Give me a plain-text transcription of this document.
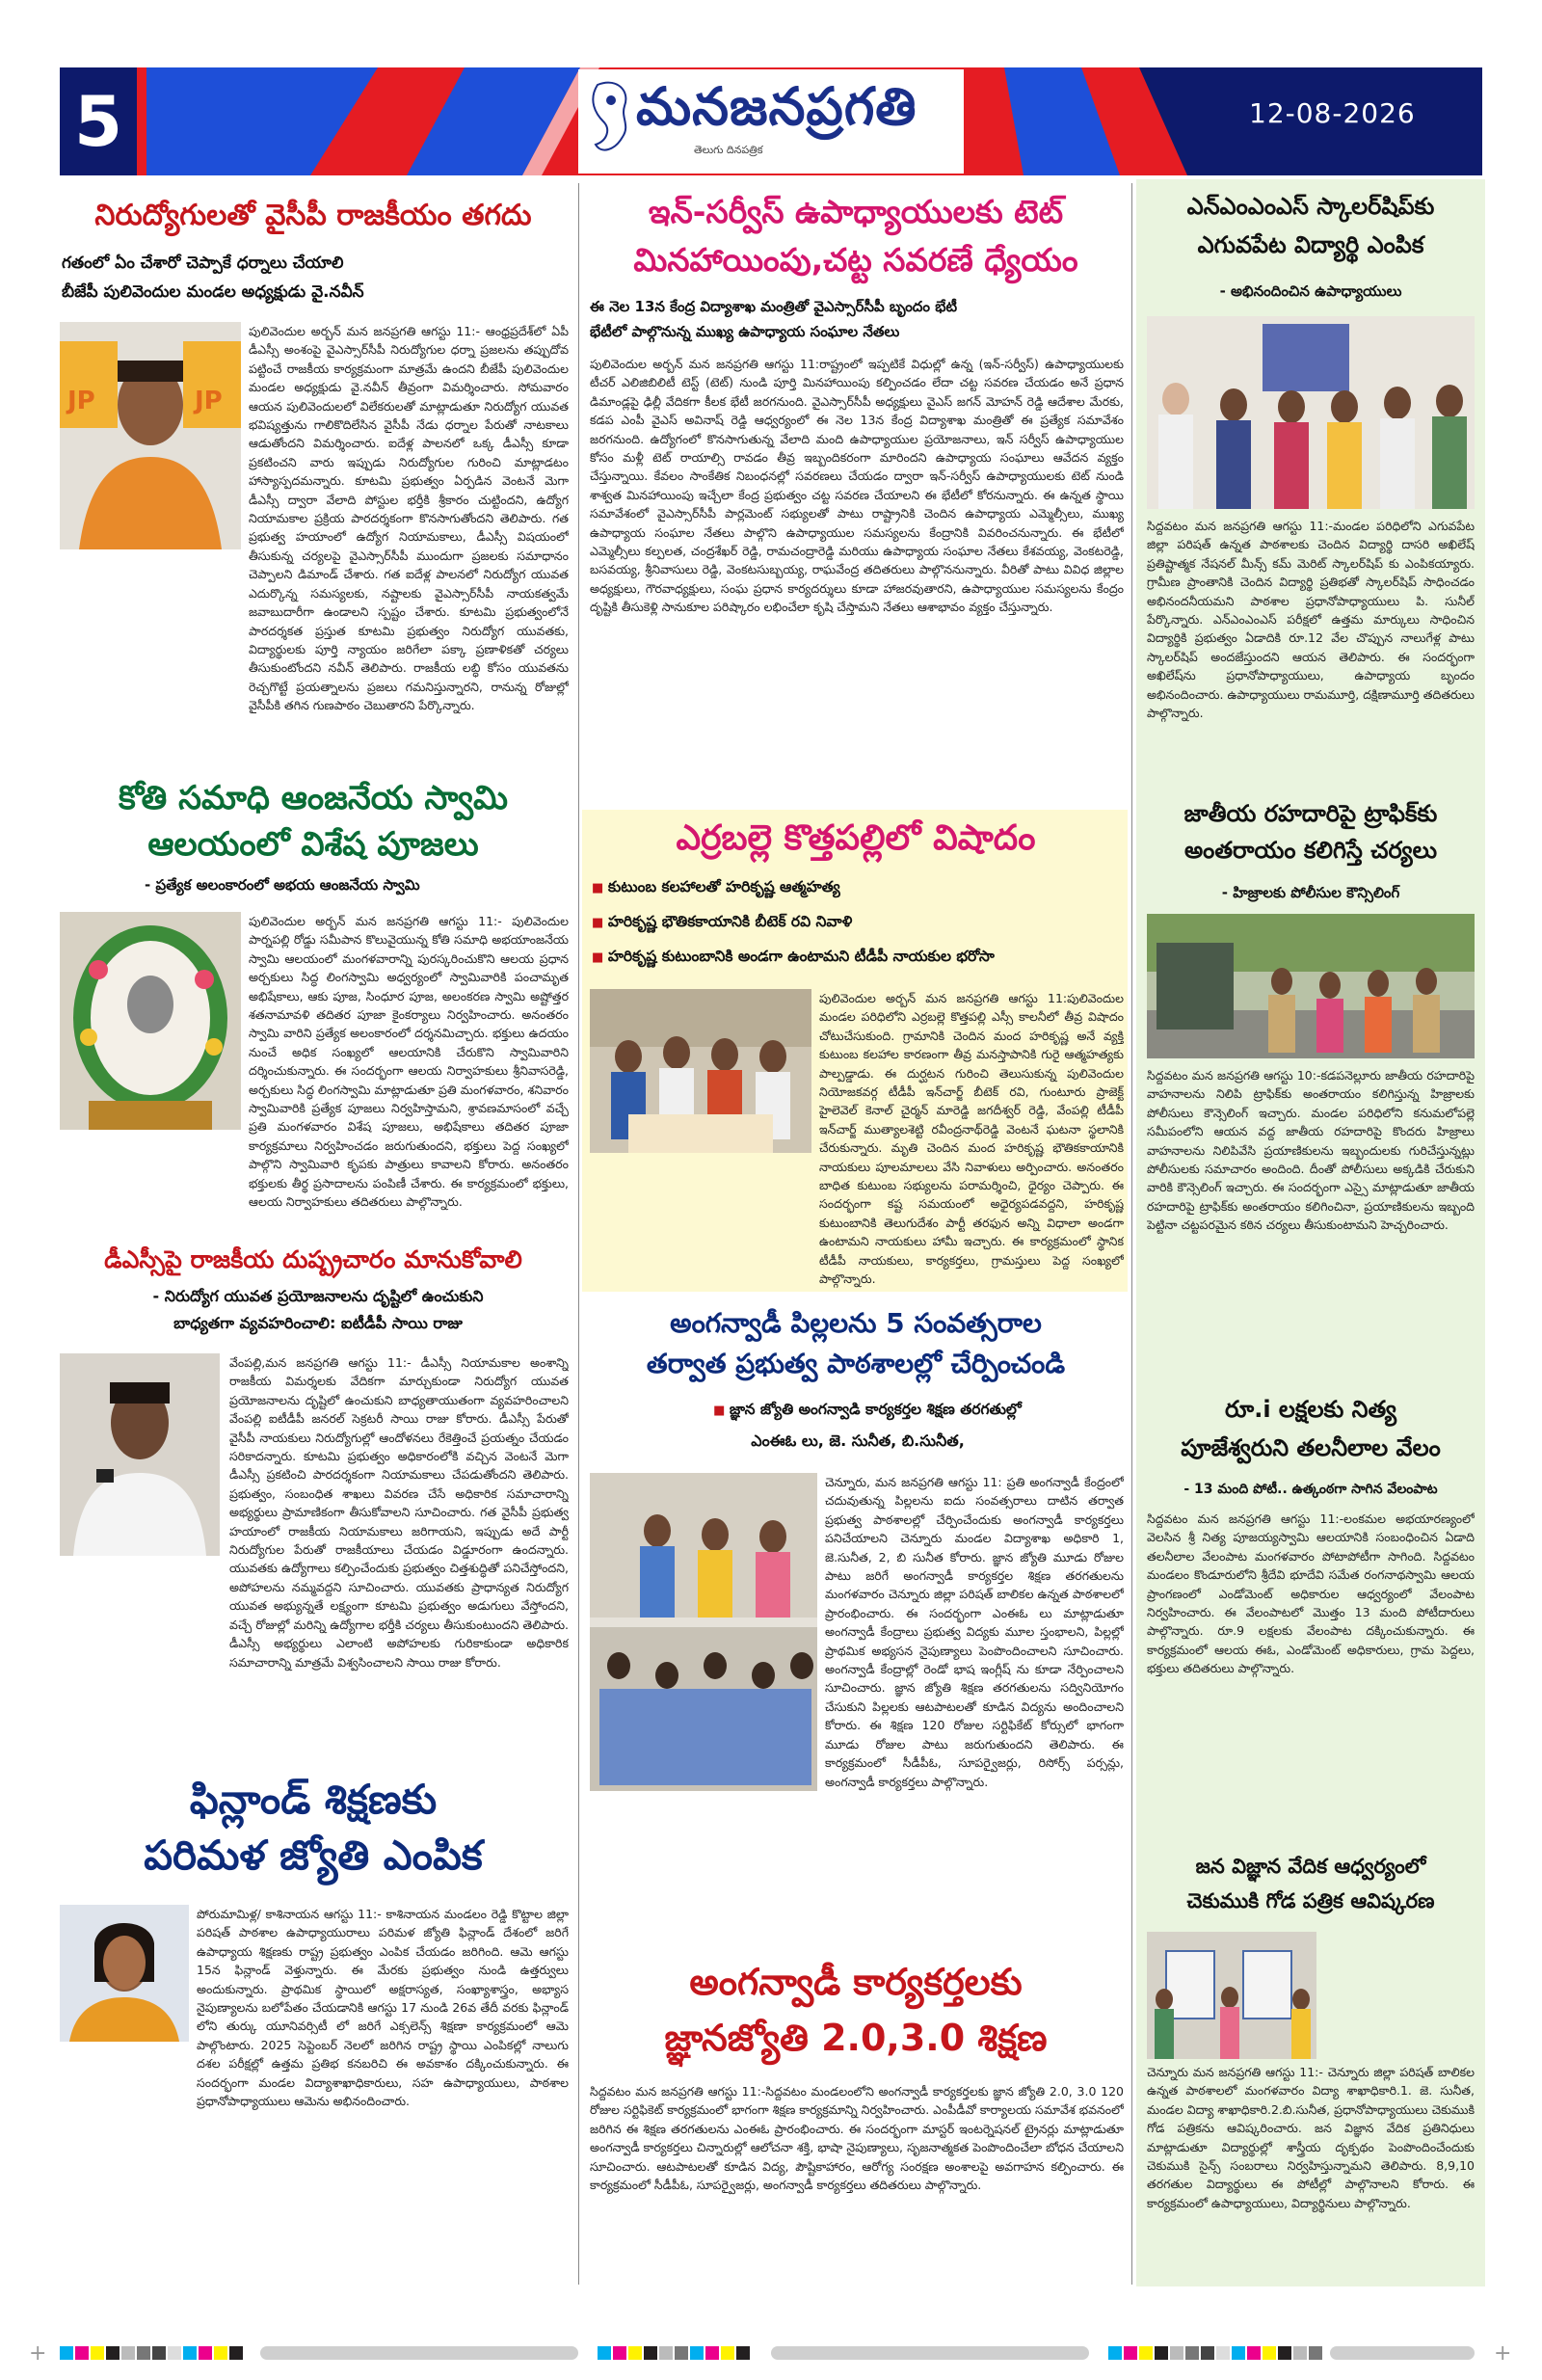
5	మనజనప్రగతి
తెలుగు దినపత్రిక
12-08-2026
నిరుద్యోగులతో వైసీపీ రాజకీయం తగదు
గతంలో ఏం చేశారో చెప్పాకే ధర్నాలు చేయాలి
బీజేపీ పులివెందుల మండల అధ్యక్షుడు వై.నవీన్
JP	JP
పులివెందుల అర్బన్ మన జనప్రగతి ఆగస్టు 11:- ఆంధ్రప్రదేశ్‌లో ఏపీ డీఎస్సీ అంశంపై వైఎస్సార్‌సీపీ నిరుద్యోగుల ధర్నా ప్రజలను తప్పుదోవ పట్టించే రాజకీయ కార్యక్రమంగా మాత్రమే ఉందని బీజేపీ పులివెందుల మండల అధ్యక్షుడు వై.నవీన్ తీవ్రంగా విమర్శించారు. సోమవారం ఆయన పులివెందులలో విలేకరులతో మాట్లాడుతూ నిరుద్యోగ యువత భవిష్యత్తును గాలికొదిలేసిన వైసీపీ నేడు ధర్నాల పేరుతో నాటకాలు ఆడుతోందని విమర్శించారు. ఐదేళ్ల పాలనలో ఒక్క డీఎస్సీ కూడా ప్రకటించని వారు ఇప్పుడు నిరుద్యోగుల గురించి మాట్లాడటం హాస్యాస్పదమన్నారు. కూటమి ప్రభుత్వం ఏర్పడిన వెంటనే మెగా డీఎస్సీ ద్వారా వేలాది పోస్టుల భర్తీకి శ్రీకారం చుట్టిందని, ఉద్యోగ నియామకాల ప్రక్రియ పారదర్శకంగా కొనసాగుతోందని తెలిపారు. గత ప్రభుత్వ హయాంలో ఉద్యోగ నియామకాలు, డీఎస్సీ విషయంలో తీసుకున్న చర్యలపై వైఎస్సార్‌సీపీ ముందుగా ప్రజలకు సమాధానం చెప్పాలని డిమాండ్ చేశారు. గత ఐదేళ్ల పాలనలో నిరుద్యోగ యువత ఎదుర్కొన్న సమస్యలకు, నష్టాలకు వైఎస్సార్‌సీపీ నాయకత్వమే జవాబుదారీగా ఉండాలని స్పష్టం చేశారు. కూటమి ప్రభుత్వంలోనే పారదర్శకత ప్రస్తుత కూటమి ప్రభుత్వం నిరుద్యోగ యువతకు, విద్యార్థులకు పూర్తి న్యాయం జరిగేలా పక్కా ప్రణాళికతో చర్యలు తీసుకుంటోందని నవీన్ తెలిపారు. రాజకీయ లబ్ధి కోసం యువతను రెచ్చగొట్టే ప్రయత్నాలను ప్రజలు గమనిస్తున్నారని, రానున్న రోజుల్లో వైసీపీకి తగిన గుణపాఠం చెబుతారని పేర్కొన్నారు.
కోతి సమాధి ఆంజనేయ స్వామి
ఆలయంలో విశేష పూజలు
- ప్రత్యేక అలంకారంలో అభయ ఆంజనేయ స్వామి
పులివెందుల అర్బన్ మన జనప్రగతి ఆగస్టు 11:- పులివెందుల పార్నపల్లి రోడ్డు సమీపాన కొలువైయున్న కోతి సమాధి అభయాంజనేయ స్వామి ఆలయంలో మంగళవారాన్ని పురస్కరించుకొని ఆలయ ప్రధాన అర్చకులు సిద్ధ లింగస్వామి అధ్వర్యంలో స్వామివారికి పంచామృత అభిషేకాలు, ఆకు పూజ, సింధూర పూజ, అలంకరణ స్వామి అష్టోత్తర శతనామావళి తదితర పూజా కైంకర్యాలు నిర్వహించారు. అనంతరం స్వామి వారిని ప్రత్యేక అలంకారంలో దర్శనమిచ్చారు. భక్తులు ఉదయం నుంచే అధిక సంఖ్యలో ఆలయానికి చేరుకొని స్వామివారిని దర్శించుకున్నారు. ఈ సందర్భంగా ఆలయ నిర్వాహకులు శ్రీనివాసరెడ్డి, అర్చకులు సిద్ధ లింగస్వామి మాట్లాడుతూ ప్రతి మంగళవారం, శనివారం స్వామివారికి ప్రత్యేక పూజలు నిర్వహిస్తామని, శ్రావణమాసంలో వచ్చే ప్రతి మంగళవారం విశేష పూజలు, అభిషేకాలు తదితర పూజా కార్యక్రమాలు నిర్వహించడం జరుగుతుందని, భక్తులు పెద్ద సంఖ్యలో పాల్గొని స్వామివారి కృపకు పాత్రులు కావాలని కోరారు. అనంతరం భక్తులకు తీర్థ ప్రసాదాలను పంపిణీ చేశారు. ఈ కార్యక్రమంలో భక్తులు, ఆలయ నిర్వాహకులు తదితరులు పాల్గొన్నారు.
డీఎస్సీపై రాజకీయ దుష్ప్రచారం మానుకోవాలి
- నిరుద్యోగ యువత ప్రయోజనాలను దృష్టిలో ఉంచుకుని
బాధ్యతగా వ్యవహరించాలి: ఐటీడీపీ సాయి రాజు
వేంపల్లి,మన జనప్రగతి ఆగస్టు 11:- డీఎస్సీ నియామకాల అంశాన్ని రాజకీయ విమర్శలకు వేదికగా మార్చుకుండా నిరుద్యోగ యువత ప్రయోజనాలను దృష్టిలో ఉంచుకుని బాధ్యతాయుతంగా వ్యవహరించాలని వేంపల్లి ఐటీడీపీ జనరల్ సెక్రటరీ సాయి రాజు కోరారు. డీఎస్సీ పేరుతో వైసీపీ నాయకులు నిరుద్యోగుల్లో ఆందోళనలు రేకెత్తించే ప్రయత్నం చేయడం సరికాదన్నారు. కూటమి ప్రభుత్వం అధికారంలోకి వచ్చిన వెంటనే మెగా డీఎస్సీ ప్రకటించి పారదర్శకంగా నియామకాలు చేపడుతోందని తెలిపారు. ప్రభుత్వం, సంబంధిత శాఖలు వివరణ చేసే అధికారిక సమాచారాన్ని అభ్యర్థులు ప్రామాణికంగా తీసుకోవాలని సూచించారు. గత వైసీపీ ప్రభుత్వ హయాంలో రాజకీయ నియామకాలు జరిగాయని, ఇప్పుడు అదే పార్టీ నిరుద్యోగుల పేరుతో రాజకీయాలు చేయడం విడ్డూరంగా ఉందన్నారు. యువతకు ఉద్యోగాలు కల్పించేందుకు ప్రభుత్వం చిత్తశుద్ధితో పనిచేస్తోందని, అపోహలను నమ్మవద్దని సూచించారు. యువతకు ప్రాధాన్యత నిరుద్యోగ యువత అభ్యున్నతే లక్ష్యంగా కూటమి ప్రభుత్వం అడుగులు వేస్తోందని, వచ్చే రోజుల్లో మరిన్ని ఉద్యోగాల భర్తీకి చర్యలు తీసుకుంటుందని తెలిపారు. డీఎస్సీ అభ్యర్థులు ఎలాంటి అపోహలకు గురికాకుండా అధికారిక సమాచారాన్ని మాత్రమే విశ్వసించాలని సాయి రాజు కోరారు.
ఫిన్లాండ్ శిక్షణకు
పరిమళ జ్యోతి ఎంపిక
పోరుమామిళ్ల/ కాశినాయన ఆగస్టు 11:- కాశినాయన మండలం రెడ్డి కొట్టాల జిల్లా పరిషత్ పాఠశాల ఉపాధ్యాయురాలు పరిమళ జ్యోతి ఫిన్లాండ్ దేశంలో జరిగే ఉపాధ్యాయ శిక్షణకు రాష్ట్ర ప్రభుత్వం ఎంపిక చేయడం జరిగింది. ఆమె ఆగస్టు 15న ఫిన్లాండ్ వెళ్తున్నారు. ఈ మేరకు ప్రభుత్వం నుండి ఉత్తర్వులు అందుకున్నారు. ప్రాథమిక స్థాయిలో అక్షరాస్యత, సంఖ్యాశాస్త్రం, అభ్యాస నైపుణ్యాలను బలోపేతం చేయడానికి ఆగస్టు 17 నుండి 26వ తేదీ వరకు ఫిన్లాండ్ లోని తుర్కు యూనివర్సిటీ లో జరిగే ఎక్సలెన్స్ శిక్షణా కార్యక్రమంలో ఆమె పాల్గొంటారు. 2025 సెప్టెంబర్ నెలలో జరిగిన రాష్ట్ర స్థాయి ఎంపికల్లో నాలుగు దశల పరీక్షల్లో ఉత్తమ ప్రతిభ కనబరిచి ఈ అవకాశం దక్కించుకున్నారు. ఈ సందర్భంగా మండల విద్యాశాఖాధికారులు, సహ ఉపాధ్యాయులు, పాఠశాల ప్రధానోపాధ్యాయులు ఆమెను అభినందించారు.
ఇన్-సర్వీస్ ఉపాధ్యాయులకు టెట్
మినహాయింపు,చట్ట సవరణే ధ్యేయం
ఈ నెల 13న కేంద్ర విద్యాశాఖ మంత్రితో వైఎస్సార్‌సీపీ బృందం భేటీ
భేటీలో పాల్గొనున్న ముఖ్య ఉపాధ్యాయ సంఘాల నేతలు
పులివెందుల అర్బన్ మన జనప్రగతి ఆగస్టు 11:రాష్ట్రంలో ఇప్పటికే విధుల్లో ఉన్న (ఇన్-సర్వీస్) ఉపాధ్యాయులకు టీచర్ ఎలిజిబిలిటీ టెస్ట్ (టెట్) నుండి పూర్తి మినహాయింపు కల్పించడం లేదా చట్ట సవరణ చేయడం అనే ప్రధాన డిమాండ్లపై ఢిల్లీ వేదికగా కీలక భేటీ జరగనుంది. వైఎస్సార్‌సీపీ అధ్యక్షులు వైఎస్ జగన్ మోహన్ రెడ్డి ఆదేశాల మేరకు, కడప ఎంపీ వైఎస్ అవినాష్ రెడ్డి ఆధ్వర్యంలో ఈ నెల 13న కేంద్ర విద్యాశాఖ మంత్రితో ఈ ప్రత్యేక సమావేశం జరగనుంది. ఉద్యోగంలో కొనసాగుతున్న వేలాది మంది ఉపాధ్యాయుల ప్రయోజనాలు, ఇన్ సర్వీస్ ఉపాధ్యాయుల కోసం మళ్లీ టెట్ రాయాల్సి రావడం తీవ్ర ఇబ్బందికరంగా మారిందని ఉపాధ్యాయ సంఘాలు ఆవేదన వ్యక్తం చేస్తున్నాయి. కేవలం సాంకేతిక నిబంధనల్లో సవరణలు చేయడం ద్వారా ఇన్-సర్వీస్ ఉపాధ్యాయులకు టెట్ నుండి శాశ్వత మినహాయింపు ఇచ్చేలా కేంద్ర ప్రభుత్వం చట్ట సవరణ చేయాలని ఈ భేటీలో కోరనున్నారు. ఈ ఉన్నత స్థాయి సమావేశంలో వైఎస్సార్‌సీపీ పార్లమెంట్ సభ్యులతో పాటు రాష్ట్రానికి చెందిన ఉపాధ్యాయ ఎమ్మెల్సీలు, ముఖ్య ఉపాధ్యాయ సంఘాల నేతలు పాల్గొని ఉపాధ్యాయుల సమస్యలను కేంద్రానికి వివరించనున్నారు. ఈ భేటీలో ఎమ్మెల్సీలు కల్పలత, చంద్రశేఖర్ రెడ్డి, రామచంద్రారెడ్డి మరియు ఉపాధ్యాయ సంఘాల నేతలు కేశవయ్య, వెంకటరెడ్డి, బసవయ్య, శ్రీనివాసులు రెడ్డి, వెంకటసుబ్బయ్య, రాఘవేంద్ర తదితరులు పాల్గొననున్నారు. వీరితో పాటు వివిధ జిల్లాల అధ్యక్షులు, గౌరవాధ్యక్షులు, సంఘ ప్రధాన కార్యదర్శులు కూడా హాజరవుతారని, ఉపాధ్యాయుల సమస్యలను కేంద్రం దృష్టికి తీసుకెళ్లి సానుకూల పరిష్కారం లభించేలా కృషి చేస్తామని నేతలు ఆశాభావం వ్యక్తం చేస్తున్నారు.
ఎర్రబల్లె కొత్తపల్లిలో విషాదం
■ కుటుంబ కలహాలతో హరికృష్ణ ఆత్మహత్య
■ హరికృష్ణ భౌతికకాయానికి బీటెక్ రవి నివాళి
■ హరికృష్ణ కుటుంబానికి అండగా ఉంటామని టీడీపీ నాయకుల భరోసా
పులివెందుల అర్బన్ మన జనప్రగతి ఆగస్టు 11:పులివెందుల మండల పరిధిలోని ఎర్రబల్లె కొత్తపల్లి ఎస్సీ కాలనీలో తీవ్ర విషాదం చోటుచేసుకుంది. గ్రామానికి చెందిన మంద హరికృష్ణ అనే వ్యక్తి కుటుంబ కలహాల కారణంగా తీవ్ర మనస్తాపానికి గురై ఆత్మహత్యకు పాల్పడ్డాడు. ఈ దుర్ఘటన గురించి తెలుసుకున్న పులివెందుల నియోజకవర్గ టీడీపీ ఇన్‌చార్జ్ బీటెక్ రవి, గుంటూరు ప్రాజెక్ట్ హైలెవెల్ కెనాల్ చైర్మన్ మారెడ్డి జగదీశ్వర్ రెడ్డి, వేంపల్లి టీడీపీ ఇన్‌చార్జ్ ముత్యాలశెట్టి రవీంద్రనాథ్‌రెడ్డి వెంటనే ఘటనా స్థలానికి చేరుకున్నారు. మృతి చెందిన మంద హరికృష్ణ భౌతికకాయానికి నాయకులు పూలమాలలు వేసి నివాళులు అర్పించారు. అనంతరం బాధిత కుటుంబ సభ్యులను పరామర్శించి, ధైర్యం చెప్పారు. ఈ సందర్భంగా కష్ట సమయంలో అధైర్యపడవద్దని, హరికృష్ణ కుటుంబానికి తెలుగుదేశం పార్టీ తరఫున అన్ని విధాలా అండగా ఉంటామని నాయకులు హామీ ఇచ్చారు. ఈ కార్యక్రమంలో స్థానిక టీడీపీ నాయకులు, కార్యకర్తలు, గ్రామస్తులు పెద్ద సంఖ్యలో పాల్గొన్నారు.
అంగన్వాడీ పిల్లలను 5 సంవత్సరాల
తర్వాత ప్రభుత్వ పాఠశాలల్లో చేర్పించండి
■ జ్ఞాన జ్యోతి అంగన్వాడి కార్యకర్తల శిక్షణ తరగతుల్లో
ఎంఈఓ లు, జె. సునీత, బి.సునీత,
చెన్నూరు, మన జనప్రగతి ఆగస్టు 11: ప్రతి అంగన్వాడీ కేంద్రంలో చదువుతున్న పిల్లలను ఐదు సంవత్సరాలు దాటిన తర్వాత ప్రభుత్వ పాఠశాలల్లో చేర్పించేందుకు అంగన్వాడీ కార్యకర్తలు పనిచేయాలని చెన్నూరు మండల విద్యాశాఖ అధికారి 1, జె.సునీత, 2, బి సునీత కోరారు. జ్ఞాన జ్యోతి మూడు రోజుల పాటు జరిగే అంగన్వాడీ కార్యకర్తల శిక్షణ తరగతులను మంగళవారం చెన్నూరు జిల్లా పరిషత్ బాలికల ఉన్నత పాఠశాలలో ప్రారంభించారు. ఈ సందర్భంగా ఎంఈఓ లు మాట్లాడుతూ అంగన్వాడీ కేంద్రాలు ప్రభుత్వ విద్యకు మూల స్తంభాలని, పిల్లల్లో ప్రాథమిక అభ్యసన నైపుణ్యాలు పెంపొందించాలని సూచించారు. అంగన్వాడీ కేంద్రాల్లో రెండో భాష ఇంగ్లీష్ ను కూడా నేర్పించాలని సూచించారు. జ్ఞాన జ్యోతి శిక్షణ తరగతులను సద్వినియోగం చేసుకుని పిల్లలకు ఆటపాటలతో కూడిన విద్యను అందించాలని కోరారు. ఈ శిక్షణ 120 రోజుల సర్టిఫికేట్ కోర్సులో భాగంగా మూడు రోజుల పాటు జరుగుతుందని తెలిపారు. ఈ కార్యక్రమంలో సీడీపీఓ, సూపర్వైజర్లు, రిసోర్స్ పర్సన్లు, అంగన్వాడీ కార్యకర్తలు పాల్గొన్నారు.
అంగన్వాడీ కార్యకర్తలకు
జ్ఞానజ్యోతి 2.0,3.0 శిక్షణ
సిద్దవటం మన జనప్రగతి ఆగస్టు 11:-సిద్దవటం మండలంలోని అంగన్వాడీ కార్యకర్తలకు జ్ఞాన జ్యోతి 2.0, 3.0 120 రోజుల సర్టిఫికెట్ కార్యక్రమంలో భాగంగా శిక్షణ కార్యక్రమాన్ని నిర్వహించారు. ఎంపీడీవో కార్యాలయ సమావేశ భవనంలో జరిగిన ఈ శిక్షణ తరగతులను ఎంఈఓ ప్రారంభించారు. ఈ సందర్భంగా మాస్టర్ ఇంటర్నెషనల్ ట్రైనర్లు మాట్లాడుతూ అంగన్వాడీ కార్యకర్తలు చిన్నారుల్లో ఆలోచనా శక్తి, భాషా నైపుణ్యాలు, సృజనాత్మకత పెంపొందించేలా బోధన చేయాలని సూచించారు. ఆటపాటలతో కూడిన విద్య, పౌష్టికాహారం, ఆరోగ్య సంరక్షణ అంశాలపై అవగాహన కల్పించారు. ఈ కార్యక్రమంలో సీడీపీఓ, సూపర్వైజర్లు, అంగన్వాడీ కార్యకర్తలు తదితరులు పాల్గొన్నారు.
ఎన్ఎంఎంఎస్ స్కాలర్‌షిప్‌కు
ఎగువపేట విద్యార్థి ఎంపిక
- అభినందించిన ఉపాధ్యాయులు
సిద్దవటం మన జనప్రగతి ఆగస్టు 11:-మండల పరిధిలోని ఎగువపేట జిల్లా పరిషత్ ఉన్నత పాఠశాలకు చెందిన విద్యార్థి దాసరి అఖిలేష్ ప్రతిష్టాత్మక నేషనల్ మీన్స్ కమ్ మెరిట్ స్కాలర్‌షిప్ కు ఎంపికయ్యారు. గ్రామీణ ప్రాంతానికి చెందిన విద్యార్థి ప్రతిభతో స్కాలర్‌షిప్ సాధించడం అభినందనీయమని పాఠశాల ప్రధానోపాధ్యాయులు పి. సునీల్ పేర్కొన్నారు. ఎన్ఎంఎంఎస్ పరీక్షలో ఉత్తమ మార్కులు సాధించిన విద్యార్థికి ప్రభుత్వం ఏడాదికి రూ.12 వేల చొప్పున నాలుగేళ్ల పాటు స్కాలర్‌షిప్ అందజేస్తుందని ఆయన తెలిపారు. ఈ సందర్భంగా అఖిలేష్‌ను ప్రధానోపాధ్యాయులు, ఉపాధ్యాయ బృందం అభినందించారు. ఉపాధ్యాయులు రామమూర్తి, దక్షిణామూర్తి తదితరులు పాల్గొన్నారు.
జాతీయ రహదారిపై ట్రాఫిక్‌కు
అంతరాయం కలిగిస్తే చర్యలు
- హిజ్రాలకు పోలీసుల కౌన్సిలింగ్
సిద్దవటం మన జనప్రగతి ఆగస్టు 10:-కడపనెల్లూరు జాతీయ రహదారిపై వాహనాలను నిలిపి ట్రాఫిక్‌కు అంతరాయం కలిగిస్తున్న హిజ్రాలకు పోలీసులు కౌన్సెలింగ్ ఇచ్చారు. మండల పరిధిలోని కనుమలోపల్లె సమీపంలోని ఆయన వద్ద జాతీయ రహదారిపై కొందరు హిజ్రాలు వాహనాలను నిలిపివేసి ప్రయాణికులను ఇబ్బందులకు గురిచేస్తున్నట్లు పోలీసులకు సమాచారం అందింది. దీంతో పోలీసులు అక్కడికి చేరుకుని వారికి కౌన్సెలింగ్ ఇచ్చారు. ఈ సందర్భంగా ఎస్సై మాట్లాడుతూ జాతీయ రహదారిపై ట్రాఫిక్‌కు అంతరాయం కలిగించినా, ప్రయాణికులను ఇబ్బంది పెట్టినా చట్టపరమైన కఠిన చర్యలు తీసుకుంటామని హెచ్చరించారు.
రూ.i లక్షలకు నిత్య
పూజేశ్వరుని తలనీలాల వేలం
- 13 మంది పోటీ.. ఉత్కంఠగా సాగిన వేలంపాట
సిద్దవటం మన జనప్రగతి ఆగస్టు 11:-లంకమల అభయారణ్యంలో వెలసిన శ్రీ నిత్య పూజయ్యస్వామి ఆలయానికి సంబంధించిన ఏడాది తలనీలాల వేలంపాట మంగళవారం పోటాపోటీగా సాగింది. సిద్దవటం మండలం కొండూరులోని శ్రీదేవి భూదేవి సమేత రంగనాథస్వామి ఆలయ ప్రాంగణంలో ఎండోమెంట్ అధికారుల ఆధ్వర్యంలో వేలంపాట నిర్వహించారు. ఈ వేలంపాటలో మొత్తం 13 మంది పోటీదారులు పాల్గొన్నారు. రూ.9 లక్షలకు వేలంపాట దక్కించుకున్నారు. ఈ కార్యక్రమంలో ఆలయ ఈఓ, ఎండోమెంట్ అధికారులు, గ్రామ పెద్దలు, భక్తులు తదితరులు పాల్గొన్నారు.
జన విజ్ఞాన వేదిక ఆధ్వర్యంలో
చెకుముకి గోడ పత్రిక ఆవిష్కరణ
చెన్నూరు మన జనప్రగతి ఆగస్టు 11:- చెన్నూరు జిల్లా పరిషత్ బాలికల ఉన్నత పాఠశాలలో మంగళవారం విద్యా శాఖాధికారి.1. జె. సునీత, మండల విద్యా శాఖాధికారి.2.బి.సునీత, ప్రధానోపాధ్యాయులు చెకుముకి గోడ పత్రికను ఆవిష్కరించారు. జన విజ్ఞాన వేదిక ప్రతినిధులు మాట్లాడుతూ విద్యార్థుల్లో శాస్త్రీయ దృక్పథం పెంపొందించేందుకు చెకుముకి సైన్స్ సంబరాలు నిర్వహిస్తున్నామని తెలిపారు. 8,9,10 తరగతుల విద్యార్థులు ఈ పోటీల్లో పాల్గొనాలని కోరారు. ఈ కార్యక్రమంలో ఉపాధ్యాయులు, విద్యార్థినులు పాల్గొన్నారు.
+	+
